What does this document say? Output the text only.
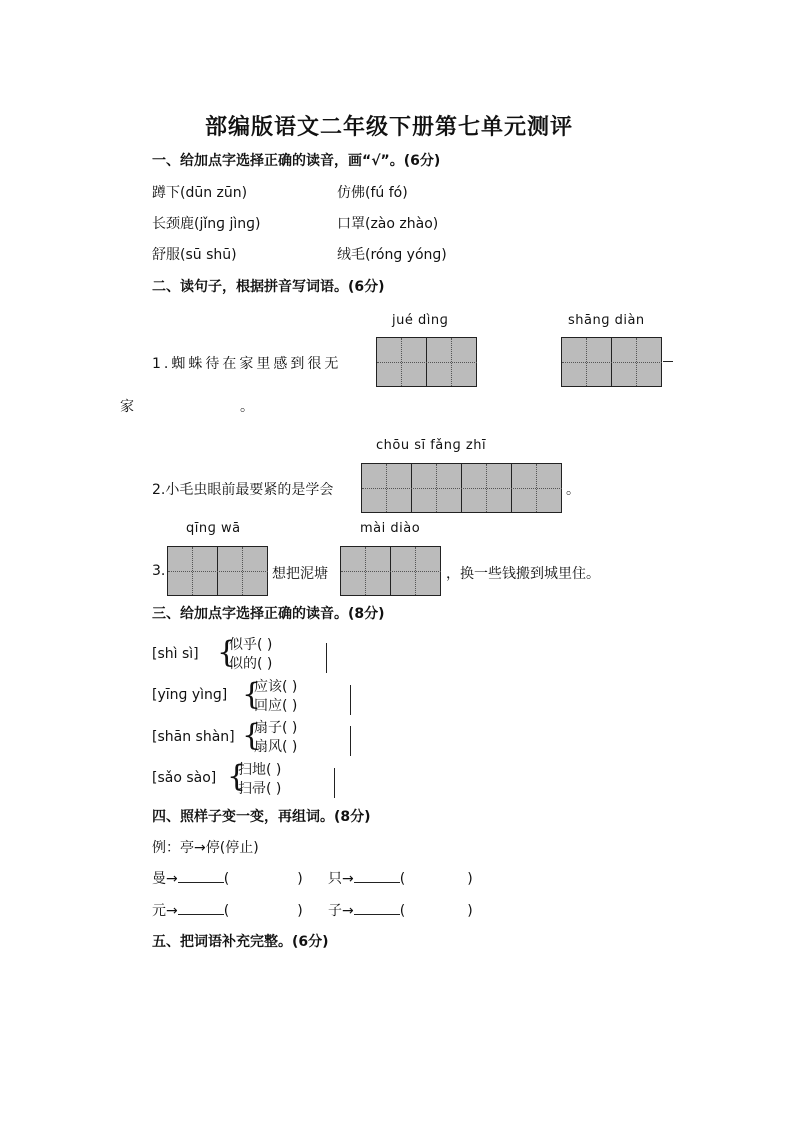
部编版语文二年级下册第七单元测评
一、给加点字选择正确的读音，画“√”。(6分)
蹲下(dūn zūn)	仿佛(fú fó)
长颈鹿(jǐnɡ jìnɡ)	口罩(zào zhào)
舒服(sū shū)	绒毛(rónɡ yónɡ)
二、读句子，根据拼音写词语。(6分)
jué dìnɡ	shānɡ diàn
1.蜘蛛待在家里感到很无
家	。
chōu sī fǎnɡ zhī
2.小毛虫眼前最要紧的是学会	。
qīnɡ wā	mài diào
3.	想把泥塘	，换一些钱搬到城里住。
三、给加点字选择正确的读音。(8分)
[shì sì] {
似乎( )
似的( )
[yīnɡ yìnɡ] {
应该( )
回应( )
[shān shàn] {
扇子( )
扇风( )
[sǎo sào] {
扫地( )
扫帚( )
四、照样子变一变，再组词。(8分)
例：亭→停(停止)
曼→	(	) 只→	(	)
元→	(	) 子→	(	)
五、把词语补充完整。(6分)
